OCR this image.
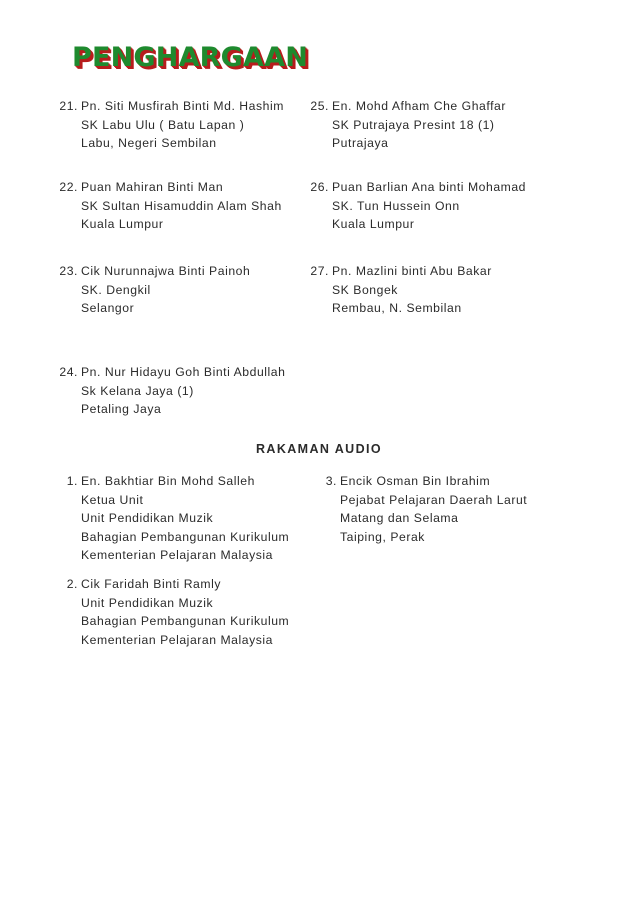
PENGHARGAAN
21. Pn. Siti Musfirah Binti Md. Hashim
SK Labu Ulu ( Batu Lapan )
Labu, Negeri Sembilan
22. Puan Mahiran Binti Man
SK Sultan Hisamuddin Alam Shah
Kuala Lumpur
23. Cik Nurunnajwa Binti Painoh
SK. Dengkil
Selangor
24. Pn. Nur Hidayu Goh Binti Abdullah
Sk Kelana Jaya (1)
Petaling Jaya
25. En. Mohd Afham Che Ghaffar
SK Putrajaya Presint 18 (1)
Putrajaya
26. Puan Barlian Ana binti Mohamad
SK. Tun Hussein Onn
Kuala Lumpur
27. Pn. Mazlini binti Abu Bakar
SK Bongek
Rembau, N. Sembilan
RAKAMAN AUDIO
1. En. Bakhtiar Bin Mohd Salleh
Ketua Unit
Unit Pendidikan Muzik
Bahagian Pembangunan Kurikulum
Kementerian Pelajaran Malaysia
2. Cik Faridah Binti Ramly
Unit Pendidikan Muzik
Bahagian Pembangunan Kurikulum
Kementerian Pelajaran Malaysia
3. Encik Osman Bin Ibrahim
Pejabat Pelajaran Daerah Larut
Matang dan Selama
Taiping, Perak
